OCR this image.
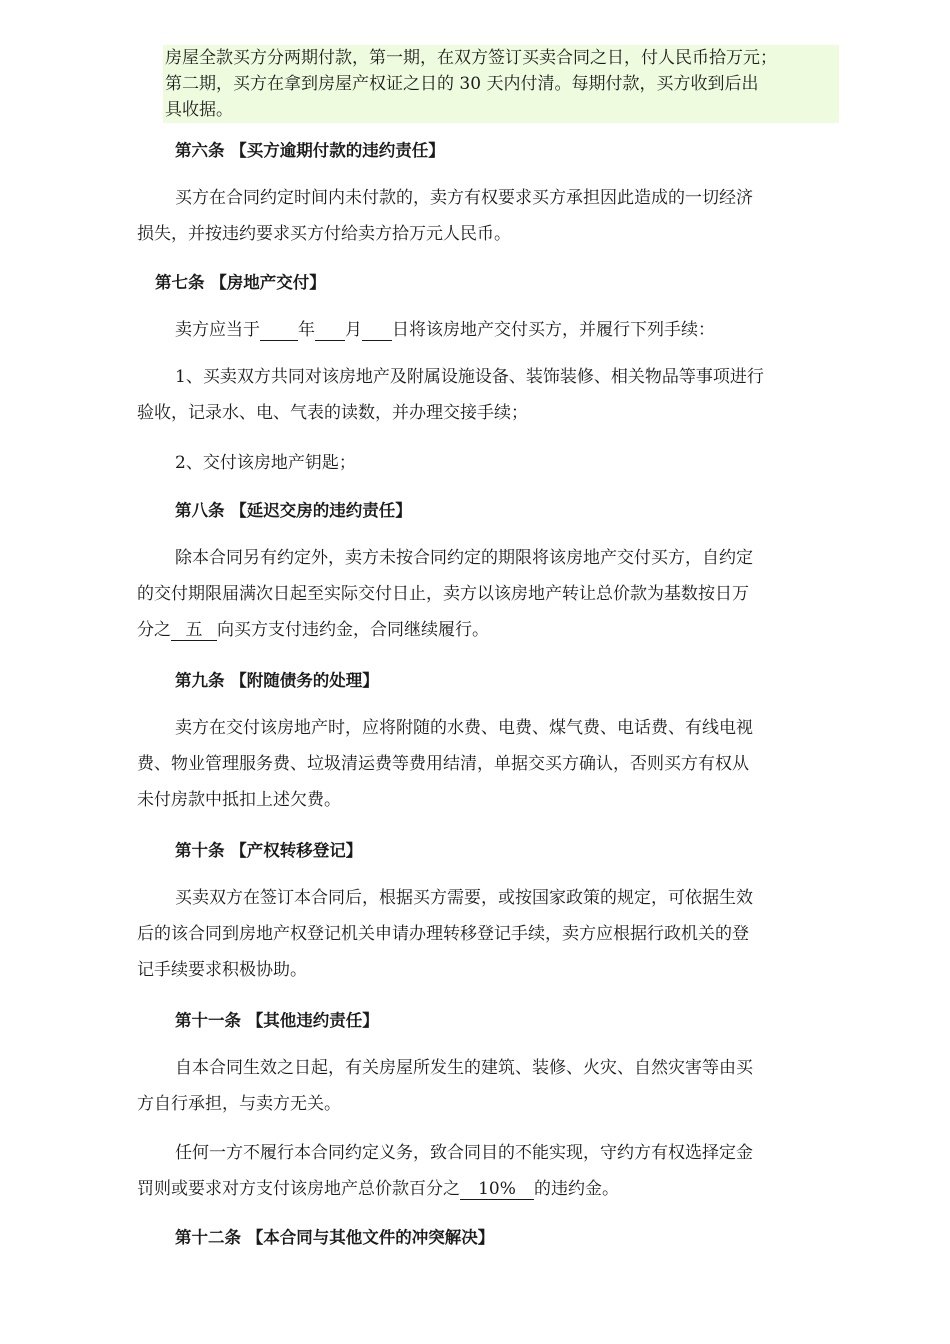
房屋全款买方分两期付款，第一期，在双方签订买卖合同之日，付人民币拾万元；
第二期，买方在拿到房屋产权证之日的 30 天内付清。每期付款，买方收到后出
具收据。
第六条 【买方逾期付款的违约责任】
买方在合同约定时间内未付款的，卖方有权要求买方承担因此造成的一切经济
损失，并按违约要求买方付给卖方拾万元人民币。
第七条 【房地产交付】
卖方应当于 年 月 日将该房地产交付买方，并履行下列手续：
1、买卖双方共同对该房地产及附属设施设备、装饰装修、相关物品等事项进行
验收，记录水、电、气表的读数，并办理交接手续；
2、交付该房地产钥匙；
第八条 【延迟交房的违约责任】
除本合同另有约定外，卖方未按合同约定的期限将该房地产交付买方，自约定
的交付期限届满次日起至实际交付日止，卖方以该房地产转让总价款为基数按日万
分之 五 向买方支付违约金，合同继续履行。
第九条 【附随债务的处理】
卖方在交付该房地产时，应将附随的水费、电费、煤气费、电话费、有线电视
费、物业管理服务费、垃圾清运费等费用结清，单据交买方确认，否则买方有权从
未付房款中抵扣上述欠费。
第十条 【产权转移登记】
买卖双方在签订本合同后，根据买方需要，或按国家政策的规定，可依据生效
后的该合同到房地产权登记机关申请办理转移登记手续，卖方应根据行政机关的登
记手续要求积极协助。
第十一条 【其他违约责任】
自本合同生效之日起，有关房屋所发生的建筑、装修、火灾、自然灾害等由买
方自行承担，与卖方无关。
任何一方不履行本合同约定义务，致合同目的不能实现，守约方有权选择定金
罚则或要求对方支付该房地产总价款百分之 10% 的违约金。
第十二条 【本合同与其他文件的冲突解决】
